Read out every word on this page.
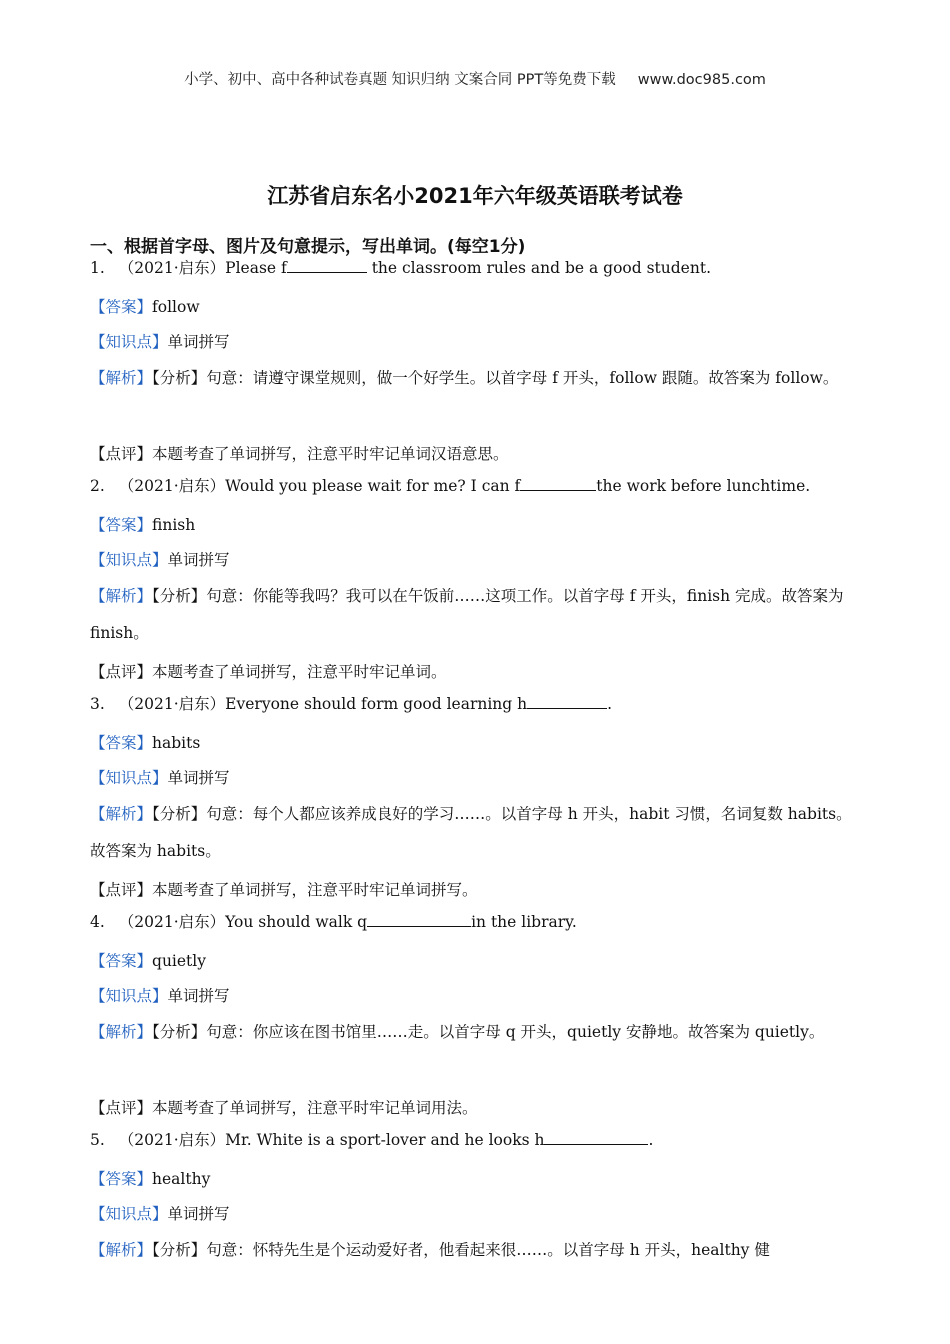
小学、初中、高中各种试卷真题 知识归纳 文案合同 PPT等免费下载 www.doc985.com
江苏省启东名小2021年六年级英语联考试卷
一、根据首字母、图片及句意提示，写出单词。(每空1分)
1. （2021·启东）Please f	the classroom rules and be a good student.
【答案】follow
【知识点】单词拼写
【解析】【分析】句意：请遵守课堂规则，做一个好学生。以首字母 f 开头，follow 跟随。故答案为 follow。
【点评】本题考查了单词拼写，注意平时牢记单词汉语意思。
2. （2021·启东）Would you please wait for me? I can f	the work before lunchtime.
【答案】finish
【知识点】单词拼写
【解析】【分析】句意：你能等我吗？我可以在午饭前……这项工作。以首字母 f 开头，finish 完成。故答案为 finish。
【点评】本题考查了单词拼写，注意平时牢记单词。
3. （2021·启东）Everyone should form good learning h	.
【答案】habits
【知识点】单词拼写
【解析】【分析】句意：每个人都应该养成良好的学习……。以首字母 h 开头，habit 习惯，名词复数 habits。故答案为 habits。
【点评】本题考查了单词拼写，注意平时牢记单词拼写。
4. （2021·启东）You should walk q	in the library.
【答案】quietly
【知识点】单词拼写
【解析】【分析】句意：你应该在图书馆里……走。以首字母 q 开头，quietly 安静地。故答案为 quietly。
【点评】本题考查了单词拼写，注意平时牢记单词用法。
5. （2021·启东）Mr. White is a sport-lover and he looks h	.
【答案】healthy
【知识点】单词拼写
【解析】【分析】句意：怀特先生是个运动爱好者，他看起来很……。以首字母 h 开头，healthy 健
